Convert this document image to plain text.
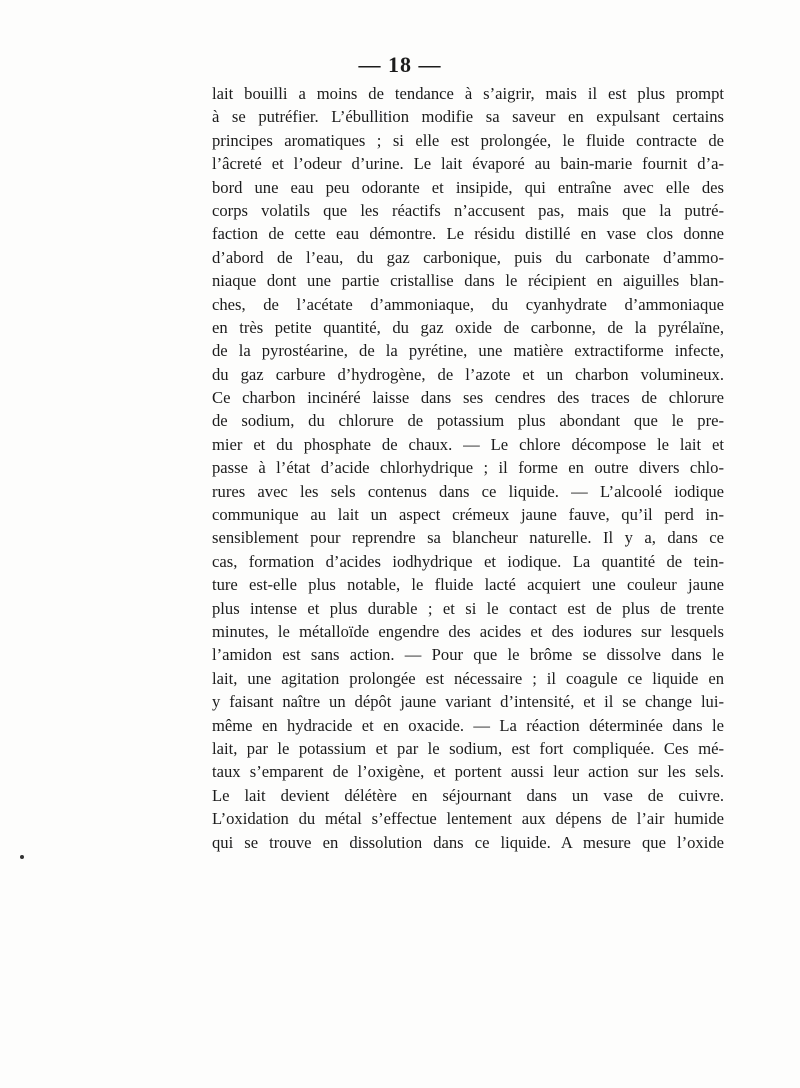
— 18 —
lait bouilli a moins de tendance à s’aigrir, mais il est plus prompt
à se putréfier. L’ébullition modifie sa saveur en expulsant certains
principes aromatiques ; si elle est prolongée, le fluide contracte de
l’âcreté et l’odeur d’urine. Le lait évaporé au bain-marie fournit d’a-
bord une eau peu odorante et insipide, qui entraîne avec elle des
corps volatils que les réactifs n’accusent pas, mais que la putré-
faction de cette eau démontre. Le résidu distillé en vase clos donne
d’abord de l’eau, du gaz carbonique, puis du carbonate d’ammo-
niaque dont une partie cristallise dans le récipient en aiguilles blan-
ches, de l’acétate d’ammoniaque, du cyanhydrate d’ammoniaque
en très petite quantité, du gaz oxide de carbonne, de la pyrélaïne,
de la pyrostéarine, de la pyrétine, une matière extractiforme infecte,
du gaz carbure d’hydrogène, de l’azote et un charbon volumineux.
Ce charbon incinéré laisse dans ses cendres des traces de chlorure
de sodium, du chlorure de potassium plus abondant que le pre-
mier et du phosphate de chaux. — Le chlore décompose le lait et
passe à l’état d’acide chlorhydrique ; il forme en outre divers chlo-
rures avec les sels contenus dans ce liquide. — L’alcoolé iodique
communique au lait un aspect crémeux jaune fauve, qu’il perd in-
sensiblement pour reprendre sa blancheur naturelle. Il y a, dans ce
cas, formation d’acides iodhydrique et iodique. La quantité de tein-
ture est-elle plus notable, le fluide lacté acquiert une couleur jaune
plus intense et plus durable ; et si le contact est de plus de trente
minutes, le métalloïde engendre des acides et des iodures sur lesquels
l’amidon est sans action. — Pour que le brôme se dissolve dans le
lait, une agitation prolongée est nécessaire ; il coagule ce liquide en
y faisant naître un dépôt jaune variant d’intensité, et il se change lui-
même en hydracide et en oxacide. — La réaction déterminée dans le
lait, par le potassium et par le sodium, est fort compliquée. Ces mé-
taux s’emparent de l’oxigène, et portent aussi leur action sur les sels.
Le lait devient délétère en séjournant dans un vase de cuivre.
L’oxidation du métal s’effectue lentement aux dépens de l’air humide
qui se trouve en dissolution dans ce liquide. A mesure que l’oxide
